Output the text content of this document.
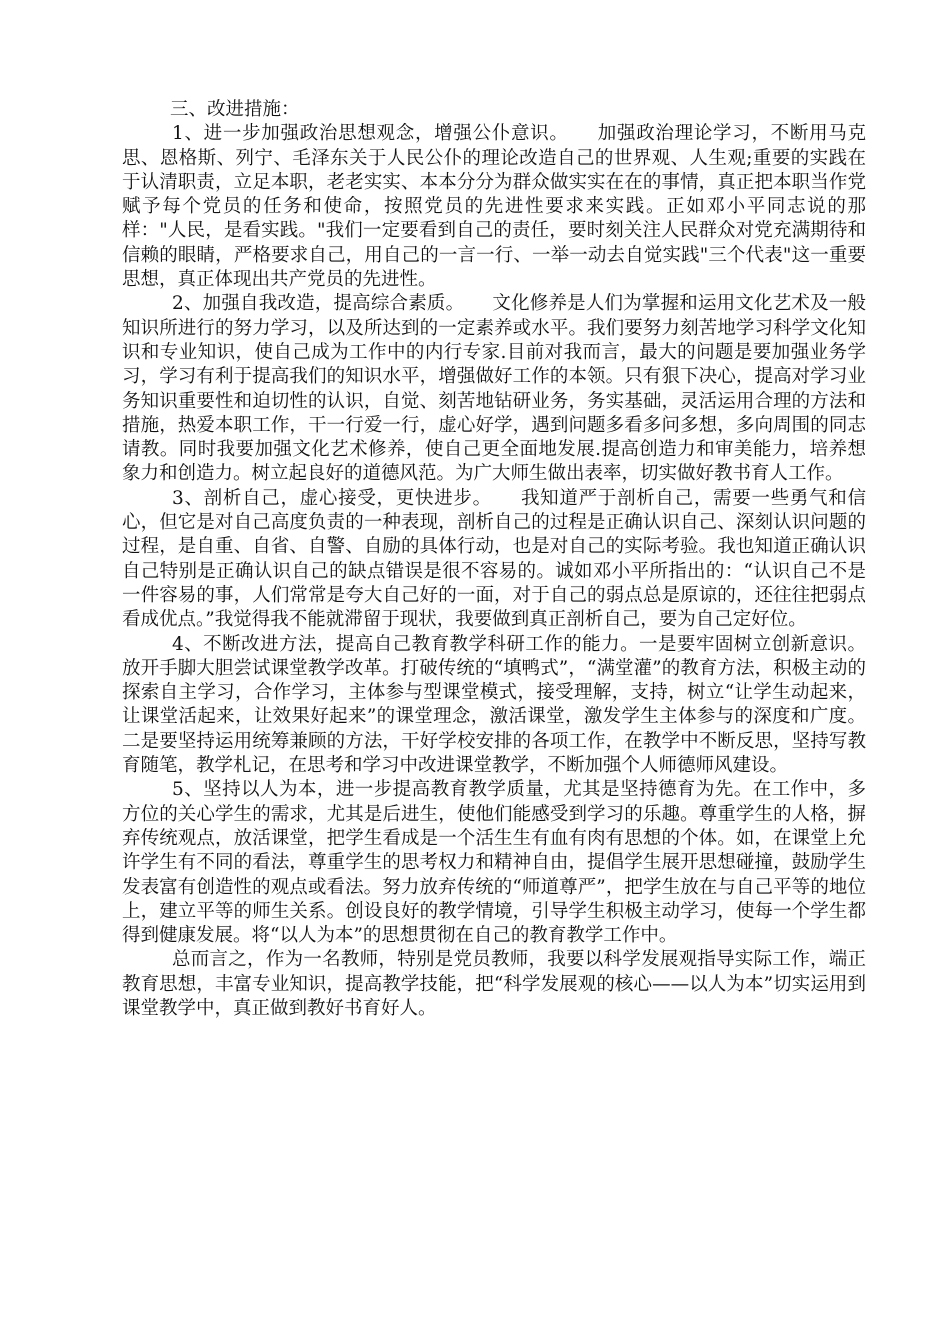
三、改进措施：

1、进一步加强政治思想观念，增强公仆意识。　　加强政治理论学习，不断用马克思、恩格斯、列宁、毛泽东关于人民公仆的理论改造自己的世界观、人生观;重要的实践在于认清职责，立足本职，老老实实、本本分分为群众做实实在在的事情，真正把本职当作党赋予每个党员的任务和使命，按照党员的先进性要求来实践。正如邓小平同志说的那样："人民，是看实践。"我们一定要看到自己的责任，要时刻关注人民群众对党充满期待和信赖的眼睛，严格要求自己，用自己的一言一行、一举一动去自觉实践"三个代表"这一重要思想，真正体现出共产党员的先进性。

2、加强自我改造，提高综合素质。　　文化修养是人们为掌握和运用文化艺术及一般知识所进行的努力学习，以及所达到的一定素养或水平。我们要努力刻苦地学习科学文化知识和专业知识，使自己成为工作中的内行专家.目前对我而言，最大的问题是要加强业务学习，学习有利于提高我们的知识水平，增强做好工作的本领。只有狠下决心，提高对学习业务知识重要性和迫切性的认识，自觉、刻苦地钻研业务，务实基础，灵活运用合理的方法和措施，热爱本职工作，干一行爱一行，虚心好学，遇到问题多看多问多想，多向周围的同志请教。同时我要加强文化艺术修养，使自己更全面地发展.提高创造力和审美能力，培养想象力和创造力。树立起良好的道德风范。为广大师生做出表率，切实做好教书育人工作。

3、剖析自己，虚心接受，更快进步。　　我知道严于剖析自己，需要一些勇气和信心，但它是对自己高度负责的一种表现，剖析自己的过程是正确认识自己、深刻认识问题的过程，是自重、自省、自警、自励的具体行动，也是对自己的实际考验。我也知道正确认识自己特别是正确认识自己的缺点错误是很不容易的。诚如邓小平所指出的：“认识自己不是一件容易的事，人们常常是夸大自己好的一面，对于自己的弱点总是原谅的，还往往把弱点看成优点。”我觉得我不能就滞留于现状，我要做到真正剖析自己，要为自己定好位。

4、不断改进方法，提高自己教育教学科研工作的能力。一是要牢固树立创新意识。放开手脚大胆尝试课堂教学改革。打破传统的“填鸭式”，“满堂灌”的教育方法，积极主动的探索自主学习，合作学习，主体参与型课堂模式，接受理解，支持，树立“让学生动起来，让课堂活起来，让效果好起来”的课堂理念，激活课堂，激发学生主体参与的深度和广度。二是要坚持运用统筹兼顾的方法，干好学校安排的各项工作，在教学中不断反思，坚持写教育随笔，教学札记，在思考和学习中改进课堂教学，不断加强个人师德师风建设。

5、坚持以人为本，进一步提高教育教学质量，尤其是坚持德育为先。在工作中，多方位的关心学生的需求，尤其是后进生，使他们能感受到学习的乐趣。尊重学生的人格，摒弃传统观点，放活课堂，把学生看成是一个活生生有血有肉有思想的个体。如，在课堂上允许学生有不同的看法，尊重学生的思考权力和精神自由，提倡学生展开思想碰撞，鼓励学生发表富有创造性的观点或看法。努力放弃传统的“师道尊严”，把学生放在与自己平等的地位上，建立平等的师生关系。创设良好的教学情境，引导学生积极主动学习，使每一个学生都得到健康发展。将“以人为本”的思想贯彻在自己的教育教学工作中。

总而言之，作为一名教师，特别是党员教师，我要以科学发展观指导实际工作，端正教育思想，丰富专业知识，提高教学技能，把“科学发展观的核心——以人为本”切实运用到课堂教学中，真正做到教好书育好人。
